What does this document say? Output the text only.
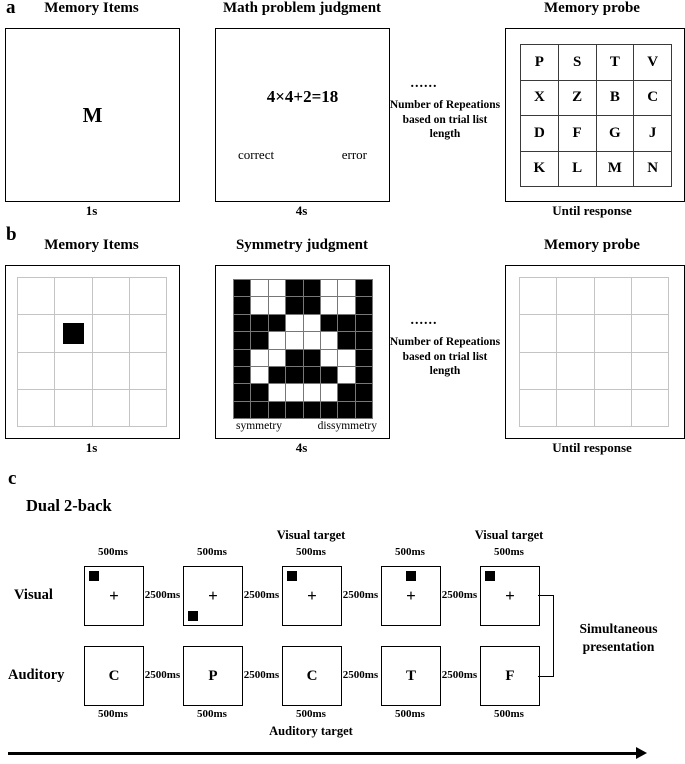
a	Memory Items	Math problem judgment	Memory probe
M
1s
4×4+2=18
correct	error
4s
......
Number of Repeations based on trial list length
P	S	T	V
X	Z	B	C
D	F	G	J
K	L	M	N
Until response
b	Memory Items	Symmetry judgment	Memory probe
1s
symmetry	dissymmetry
4s
......
Number of Repeations based on trial list length
Until response
c
Dual 2-back
Visual
Auditory
500ms
+
C
500ms
2500ms
2500ms
500ms
+
P
500ms
2500ms
2500ms
500ms
Visual target
+
C
500ms
2500ms
2500ms
500ms
+
T
500ms
2500ms
2500ms
500ms
Visual target
+
F
500ms
Simultaneous presentation
Auditory target
